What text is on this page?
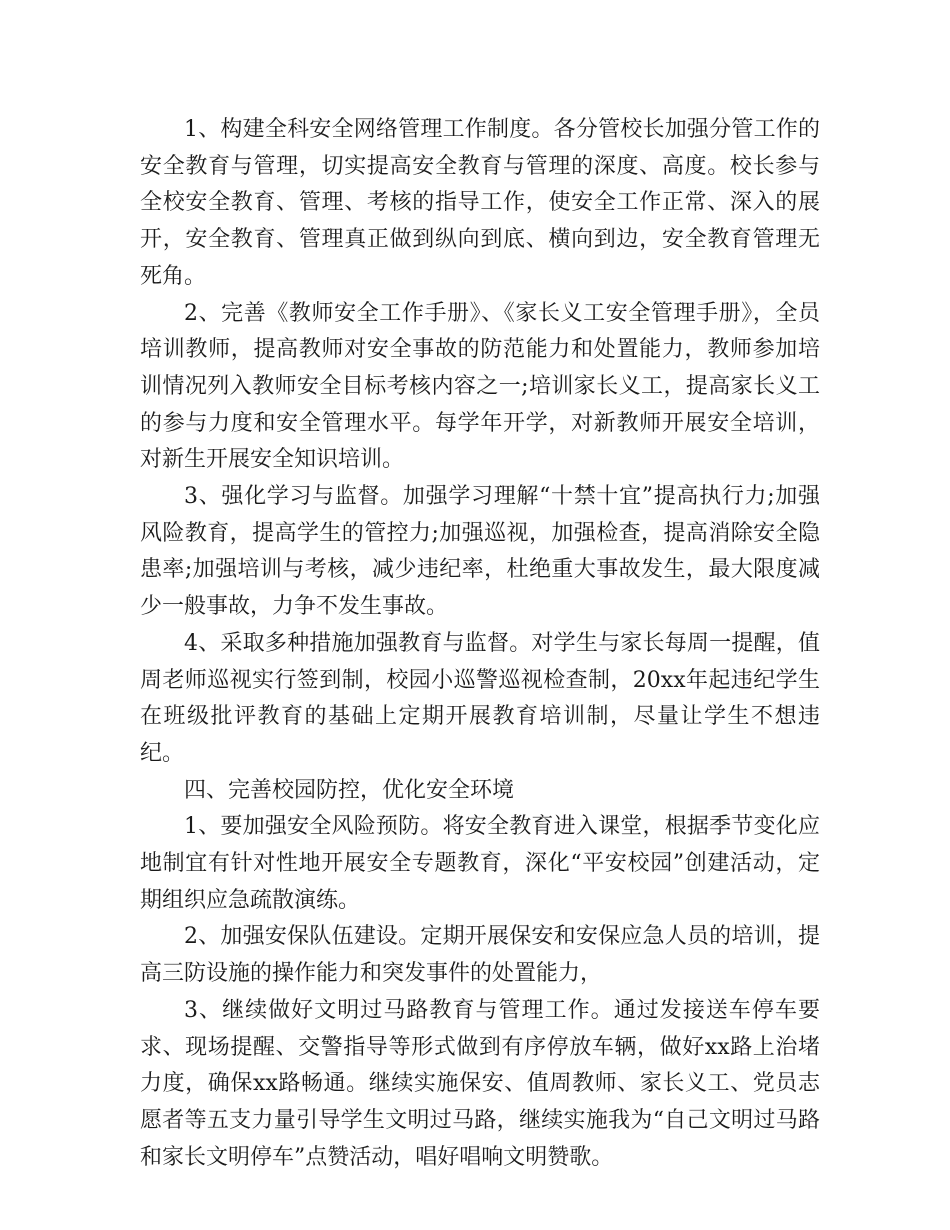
1、构建全科安全网络管理工作制度。各分管校长加强分管工作的安全教育与管理，切实提高安全教育与管理的深度、高度。校长参与全校安全教育、管理、考核的指导工作，使安全工作正常、深入的展开，安全教育、管理真正做到纵向到底、横向到边，安全教育管理无死角。

2、完善《教师安全工作手册》、《家长义工安全管理手册》，全员培训教师，提高教师对安全事故的防范能力和处置能力，教师参加培训情况列入教师安全目标考核内容之一;培训家长义工，提高家长义工的参与力度和安全管理水平。每学年开学，对新教师开展安全培训，对新生开展安全知识培训。

3、强化学习与监督。加强学习理解“十禁十宜”提高执行力;加强风险教育，提高学生的管控力;加强巡视，加强检查，提高消除安全隐患率;加强培训与考核，减少违纪率，杜绝重大事故发生，最大限度减少一般事故，力争不发生事故。

4、采取多种措施加强教育与监督。对学生与家长每周一提醒，值周老师巡视实行签到制，校园小巡警巡视检查制，20xx年起违纪学生在班级批评教育的基础上定期开展教育培训制，尽量让学生不想违纪。

四、完善校园防控，优化安全环境

1、要加强安全风险预防。将安全教育进入课堂，根据季节变化应地制宜有针对性地开展安全专题教育，深化“平安校园”创建活动，定期组织应急疏散演练。

2、加强安保队伍建设。定期开展保安和安保应急人员的培训，提高三防设施的操作能力和突发事件的处置能力，

3、继续做好文明过马路教育与管理工作。通过发接送车停车要求、现场提醒、交警指导等形式做到有序停放车辆，做好xx路上治堵力度，确保xx路畅通。继续实施保安、值周教师、家长义工、党员志愿者等五支力量引导学生文明过马路，继续实施我为“自己文明过马路和家长文明停车”点赞活动，唱好唱响文明赞歌。
